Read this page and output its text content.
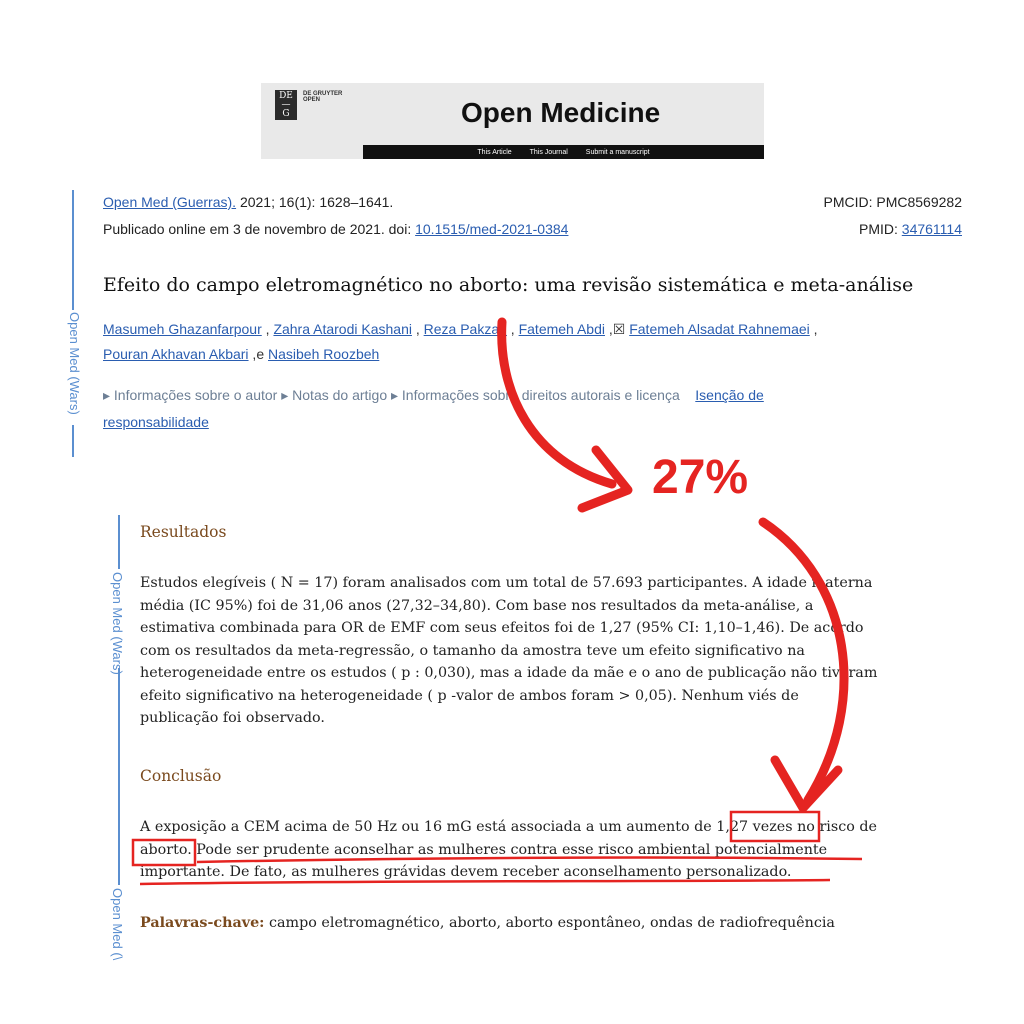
DE
—
G
DE GRUYTER
OPEN	Open Medicine
This Article	This Journal	Submit a manuscript
Open Med (Wars)
Open Med (Guerras). 2021; 16(1): 1628–1641.
Publicado online em 3 de novembro de 2021. doi: 10.1515/med-2021-0384
PMCID: PMC8569282
PMID: 34761114
Efeito do campo eletromagnético no aborto: uma revisão sistemática e meta-análise
Masumeh Ghazanfarpour , Zahra Atarodi Kashani , Reza Pakzad , Fatemeh Abdi ,☒ Fatemeh Alsadat Rahnemaei ,
Pouran Akhavan Akbari ,e Nasibeh Roozbeh
▸ Informações sobre o autor ▸ Notas do artigo ▸ Informações sobre direitos autorais e licença Isenção de
responsabilidade
Open Med (Wars)
Open Med (\
Resultados
Estudos elegíveis ( N = 17) foram analisados com um total de 57.693 participantes. A idade materna
média (IC 95%) foi de 31,06 anos (27,32–34,80). Com base nos resultados da meta-análise, a
estimativa combinada para OR de EMF com seus efeitos foi de 1,27 (95% CI: 1,10–1,46). De acordo
com os resultados da meta-regressão, o tamanho da amostra teve um efeito significativo na
heterogeneidade entre os estudos ( p : 0,030), mas a idade da mãe e o ano de publicação não tiveram
efeito significativo na heterogeneidade ( p -valor de ambos foram > 0,05). Nenhum viés de
publicação foi observado.
Conclusão
A exposição a CEM acima de 50 Hz ou 16 mG está associada a um aumento de 1,27 vezes no risco de
aborto. Pode ser prudente aconselhar as mulheres contra esse risco ambiental potencialmente
importante. De fato, as mulheres grávidas devem receber aconselhamento personalizado.
Palavras-chave: campo eletromagnético, aborto, aborto espontâneo, ondas de radiofrequência
27%
